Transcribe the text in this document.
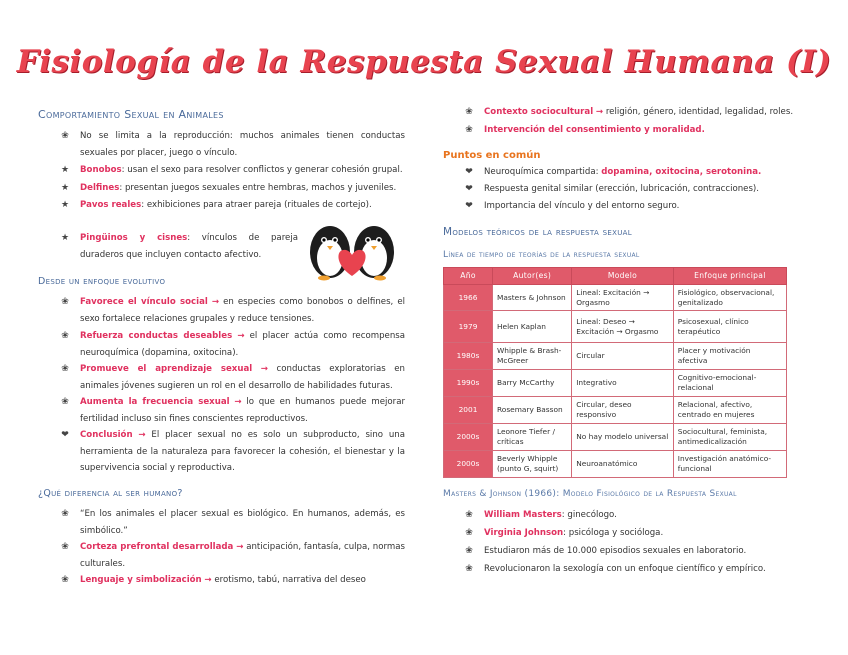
Fisiología de la Respuesta Sexual Humana (I)
Comportamiento Sexual en Animales
❀	No se limita a la reproducción: muchos animales tienen conductas sexuales por placer, juego o vínculo.
★	Bonobos: usan el sexo para resolver conflictos y generar cohesión grupal.
★	Delfines: presentan juegos sexuales entre hembras, machos y juveniles.
★	Pavos reales: exhibiciones para atraer pareja (rituales de cortejo).
★	Pingüinos y cisnes: vínculos de pareja duraderos que incluyen contacto afectivo.
Desde un enfoque evolutivo
❀	Favorece el vínculo social → en especies como bonobos o delfines, el sexo fortalece relaciones grupales y reduce tensiones.
❀	Refuerza conductas deseables → el placer actúa como recompensa neuroquímica (dopamina, oxitocina).
❀	Promueve el aprendizaje sexual → conductas exploratorias en animales jóvenes sugieren un rol en el desarrollo de habilidades futuras.
❀	Aumenta la frecuencia sexual → lo que en humanos puede mejorar fertilidad incluso sin fines conscientes reproductivos.
❤	Conclusión → El placer sexual no es solo un subproducto, sino una herramienta de la naturaleza para favorecer la cohesión, el bienestar y la supervivencia social y reproductiva.
¿Qué diferencia al ser humano?
❀	“En los animales el placer sexual es biológico. En humanos, además, es simbólico.”
❀	Corteza prefrontal desarrollada → anticipación, fantasía, culpa, normas culturales.
❀	Lenguaje y simbolización → erotismo, tabú, narrativa del deseo
❀	Contexto sociocultural → religión, género, identidad, legalidad, roles.
❀	Intervención del consentimiento y moralidad.
Puntos en común
❤	Neuroquímica compartida: dopamina, oxitocina, serotonina.
❤	Respuesta genital similar (erección, lubricación, contracciones).
❤	Importancia del vínculo y del entorno seguro.
Modelos teóricos de la respuesta sexual
Línea de tiempo de teorías de la respuesta sexual
Año	Autor(es)	Modelo	Enfoque principal
1966	Masters & Johnson	Lineal: Excitación → Orgasmo	Fisiológico, observacional, genitalizado
1979	Helen Kaplan	Lineal: Deseo → Excitación → Orgasmo	Psicosexual, clínico terapéutico
1980s	Whipple & Brash-McGreer	Circular	Placer y motivación afectiva
1990s	Barry McCarthy	Integrativo	Cognitivo-emocional-relacional
2001	Rosemary Basson	Circular, deseo responsivo	Relacional, afectivo, centrado en mujeres
2000s	Leonore Tiefer / críticas	No hay modelo universal	Sociocultural, feminista, antimedicalización
2000s	Beverly Whipple (punto G, squirt)	Neuroanatómico	Investigación anatómico-funcional
Masters & Johnson (1966): Modelo Fisiológico de la Respuesta Sexual
❀	William Masters: ginecólogo.
❀	Virginia Johnson: psicóloga y socióloga.
❀	Estudiaron más de 10.000 episodios sexuales en laboratorio.
❀	Revolucionaron la sexología con un enfoque científico y empírico.
